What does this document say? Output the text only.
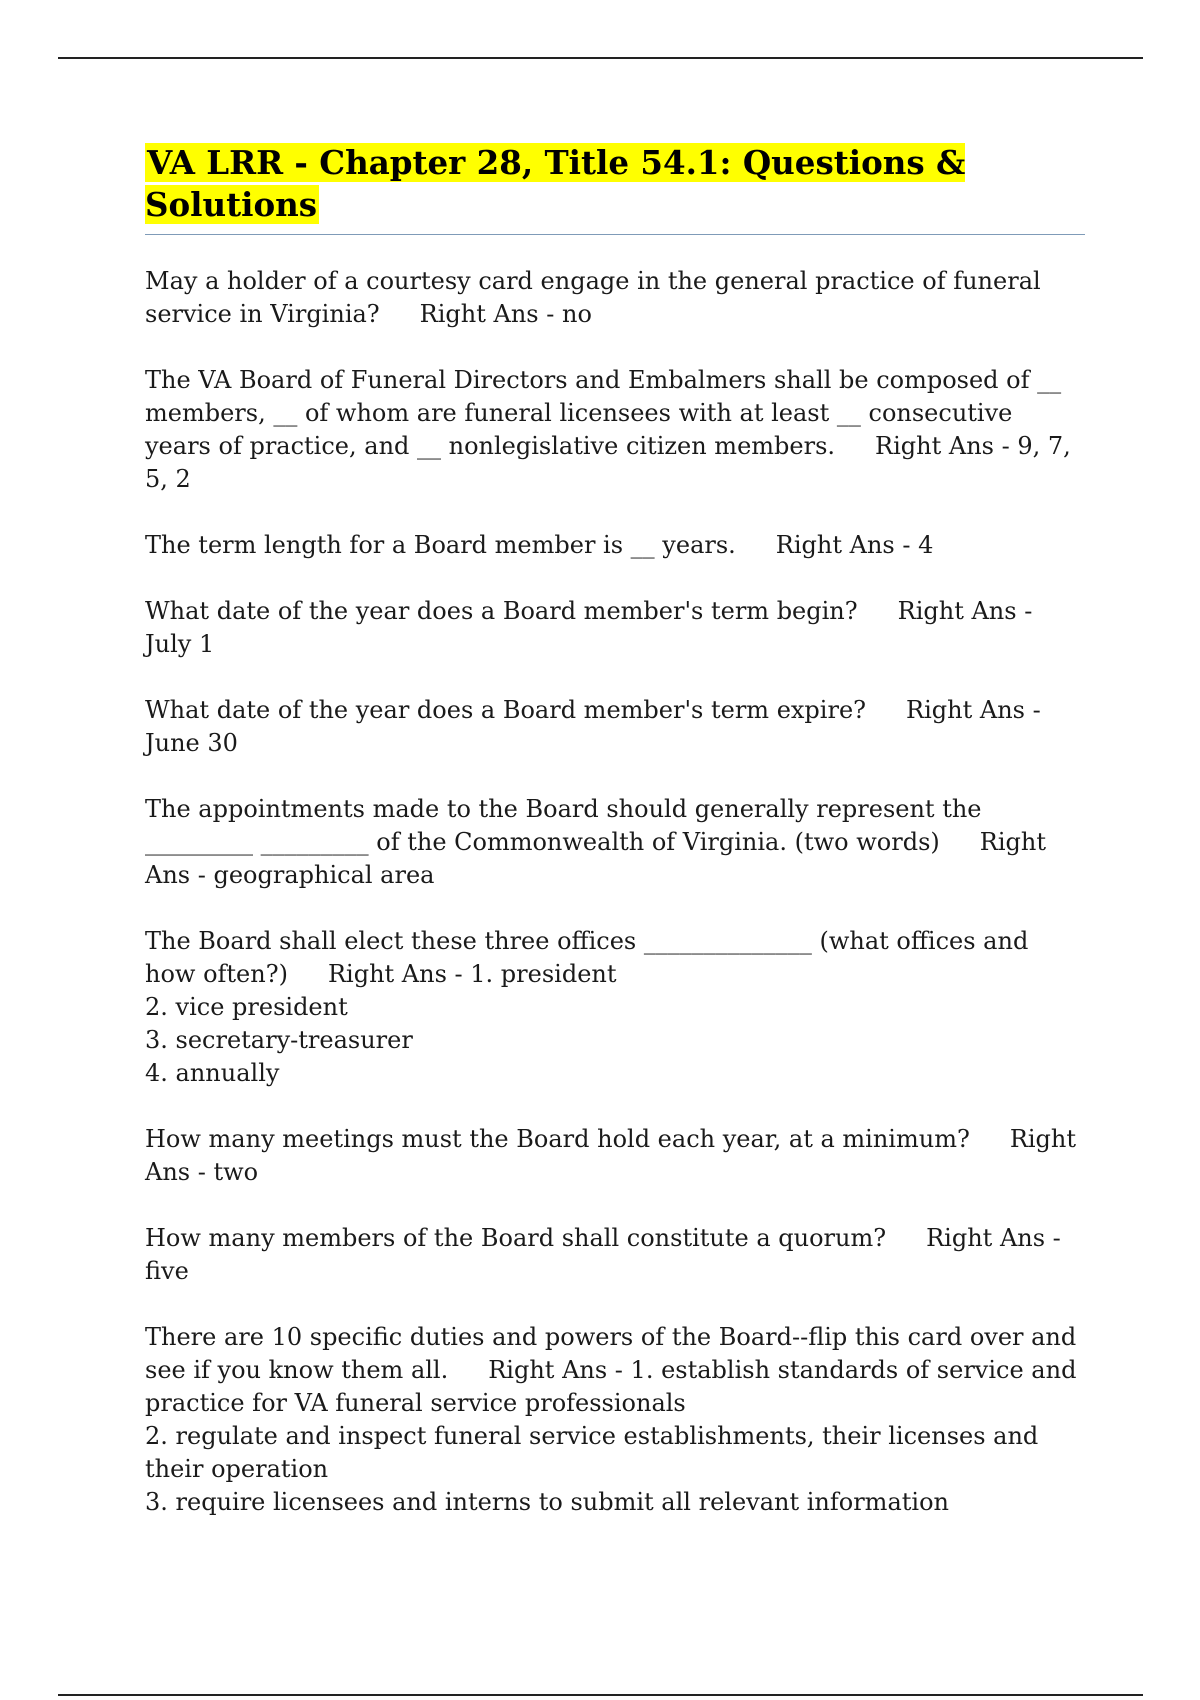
VA LRR - Chapter 28, Title 54.1: Questions & Solutions

May a holder of a courtesy card engage in the general practice of funeral service in Virginia? Right Ans - no

The VA Board of Funeral Directors and Embalmers shall be composed of __ members, __ of whom are funeral licensees with at least __ consecutive years of practice, and __ nonlegislative citizen members. Right Ans - 9, 7, 5, 2

The term length for a Board member is __ years. Right Ans - 4

What date of the year does a Board member's term begin? Right Ans - July 1

What date of the year does a Board member's term expire? Right Ans - June 30

The appointments made to the Board should generally represent the _________ _________ of the Commonwealth of Virginia. (two words) Right Ans - geographical area

The Board shall elect these three offices ______________ (what offices and how often?) Right Ans - 1. president
2. vice president
3. secretary-treasurer
4. annually

How many meetings must the Board hold each year, at a minimum? Right Ans - two

How many members of the Board shall constitute a quorum? Right Ans - five

There are 10 specific duties and powers of the Board--flip this card over and see if you know them all. Right Ans - 1. establish standards of service and practice for VA funeral service professionals
2. regulate and inspect funeral service establishments, their licenses and their operation
3. require licensees and interns to submit all relevant information
